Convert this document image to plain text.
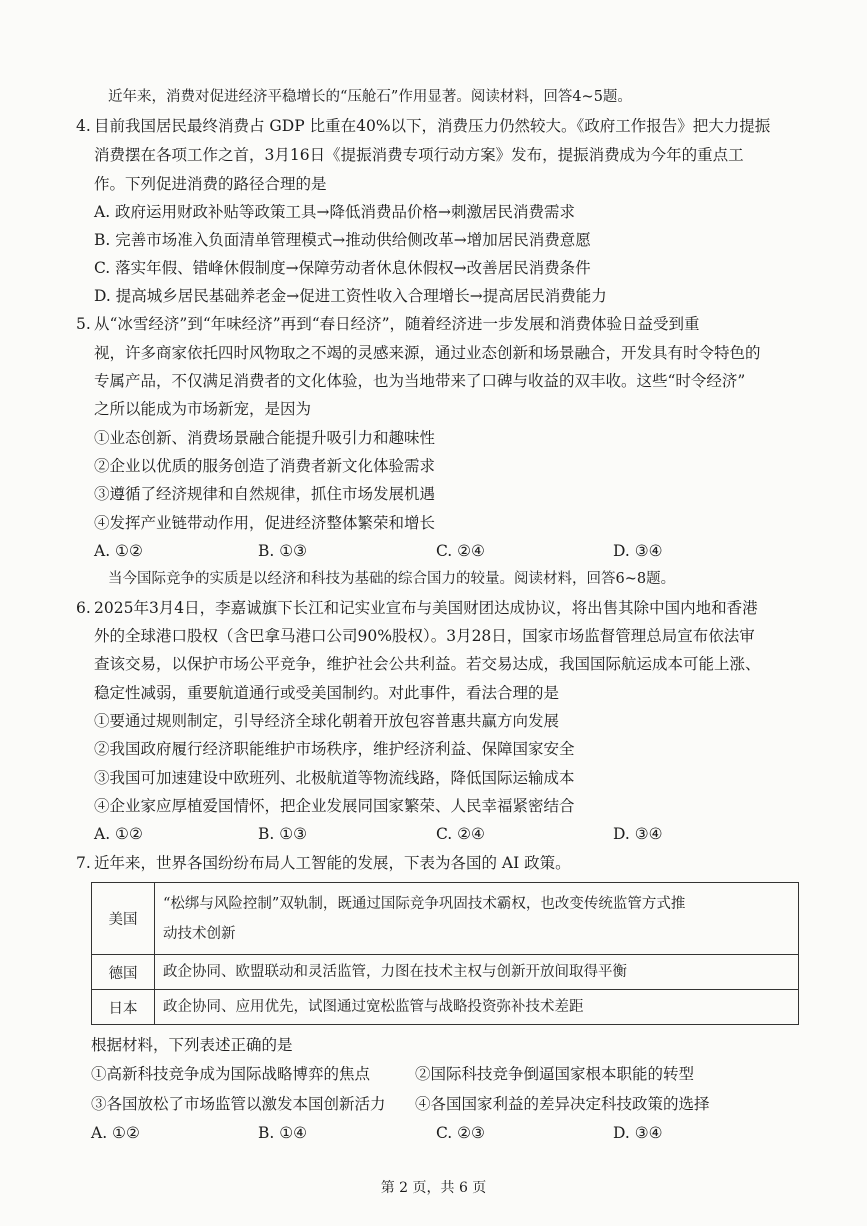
近年来，消费对促进经济平稳增长的“压舱石”作用显著。阅读材料，回答4~5题。
4. 目前我国居民最终消费占 GDP 比重在40%以下，消费压力仍然较大。《政府工作报告》把大力提振
消费摆在各项工作之首，3月16日《提振消费专项行动方案》发布，提振消费成为今年的重点工
作。下列促进消费的路径合理的是
A. 政府运用财政补贴等政策工具→降低消费品价格→刺激居民消费需求
B. 完善市场准入负面清单管理模式→推动供给侧改革→增加居民消费意愿
C. 落实年假、错峰休假制度→保障劳动者休息休假权→改善居民消费条件
D. 提高城乡居民基础养老金→促进工资性收入合理增长→提高居民消费能力
5. 从“冰雪经济”到“年味经济”再到“春日经济”，随着经济进一步发展和消费体验日益受到重
视，许多商家依托四时风物取之不竭的灵感来源，通过业态创新和场景融合，开发具有时令特色的
专属产品，不仅满足消费者的文化体验，也为当地带来了口碑与收益的双丰收。这些“时令经济”
之所以能成为市场新宠，是因为
①业态创新、消费场景融合能提升吸引力和趣味性
②企业以优质的服务创造了消费者新文化体验需求
③遵循了经济规律和自然规律，抓住市场发展机遇
④发挥产业链带动作用，促进经济整体繁荣和增长
A. ①②	B. ①③	C. ②④	D. ③④
当今国际竞争的实质是以经济和科技为基础的综合国力的较量。阅读材料，回答6~8题。
6. 2025年3月4日，李嘉诚旗下长江和记实业宣布与美国财团达成协议，将出售其除中国内地和香港
外的全球港口股权（含巴拿马港口公司90%股权）。3月28日，国家市场监督管理总局宣布依法审
查该交易，以保护市场公平竞争，维护社会公共利益。若交易达成，我国国际航运成本可能上涨、
稳定性减弱，重要航道通行或受美国制约。对此事件，看法合理的是
①要通过规则制定，引导经济全球化朝着开放包容普惠共赢方向发展
②我国政府履行经济职能维护市场秩序，维护经济利益、保障国家安全
③我国可加速建设中欧班列、北极航道等物流线路，降低国际运输成本
④企业家应厚植爱国情怀，把企业发展同国家繁荣、人民幸福紧密结合
A. ①②	B. ①③	C. ②④	D. ③④
7. 近年来，世界各国纷纷布局人工智能的发展，下表为各国的 AI 政策。
美国	“松绑与风险控制”双轨制，既通过国际竞争巩固技术霸权，也改变传统监管方式推
动技术创新

德国	政企协同、欧盟联动和灵活监管，力图在技术主权与创新开放间取得平衡
日本	政企协同、应用优先，试图通过宽松监管与战略投资弥补技术差距
根据材料，下列表述正确的是
①高新科技竞争成为国际战略博弈的焦点	②国际科技竞争倒逼国家根本职能的转型
③各国放松了市场监管以激发本国创新活力 ④各国国家利益的差异决定科技政策的选择
A. ①②	B. ①④	C. ②③	D. ③④
第 2 页，共 6 页
